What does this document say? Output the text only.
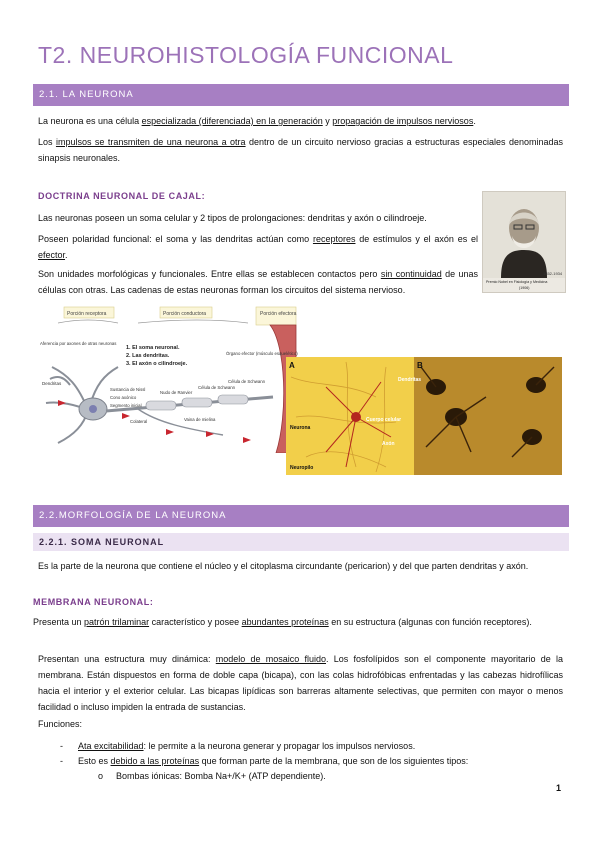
T2. NEUROHISTOLOGÍA FUNCIONAL
2.1. LA NEURONA
La neurona es una célula especializada (diferenciada) en la generación y propagación de impulsos nerviosos.
Los impulsos se transmiten de una neurona a otra dentro de un circuito nervioso gracias a estructuras especiales denominadas sinapsis neuronales.
DOCTRINA NEURONAL DE CAJAL:
Las neuronas poseen un soma celular y 2 tipos de prolongaciones: dendritas y axón o cilindroeje.
Poseen polaridad funcional: el soma y las dendritas actúan como receptores de estímulos y el axón es el efector.
Son unidades morfológicas y funcionales. Entre ellas se establecen contactos pero sin continuidad de unas células con otras. Las cadenas de estas neuronas forman los circuitos del sistema nervioso.
1852-1934
Premio Nobel en Fisiología y Medicina
(1906)
Porción receptora	Porción conductora	Porción efectora
1. El soma neuronal.
2. Las dendritas.
3. El axón o cilindroeje.
Aferencia por axones de otras neuronas
Dendritas
Sustancia de Nissl
Cono axónico
Segmento inicial
Colateral
Nudo de Ranvier
Vaina de mielina
Célula de Schwann
Órgano efector (músculo esquelético)
Célula de Schwann
A	B
Neurona
Neuropilo
Dendritas
Cuerpo celular
Axón
2.2.MORFOLOGÍA DE LA NEURONA
2.2.1. SOMA NEURONAL
Es la parte de la neurona que contiene el núcleo y el citoplasma circundante (pericarion) y del que parten dendritas y axón.
MEMBRANA NEURONAL:
Presenta un patrón trilaminar característico y posee abundantes proteínas en su estructura (algunas con función receptores).
Presentan una estructura muy dinámica: modelo de mosaico fluido. Los fosfolípidos son el componente mayoritario de la membrana. Están dispuestos en forma de doble capa (bicapa), con las colas hidrofóbicas enfrentadas y las cabezas hidrofílicas hacia el interior y el exterior celular. Las bicapas lipídicas son barreras altamente selectivas, que permiten con mayor o menos facilidad o incluso impiden la entrada de sustancias.
Funciones:
- Ata excitabilidad: le permite a la neurona generar y propagar los impulsos nerviosos.
- Esto es debido a las proteínas que forman parte de la membrana, que son de los siguientes tipos:
o Bombas iónicas: Bomba Na+/K+ (ATP dependiente).
1
